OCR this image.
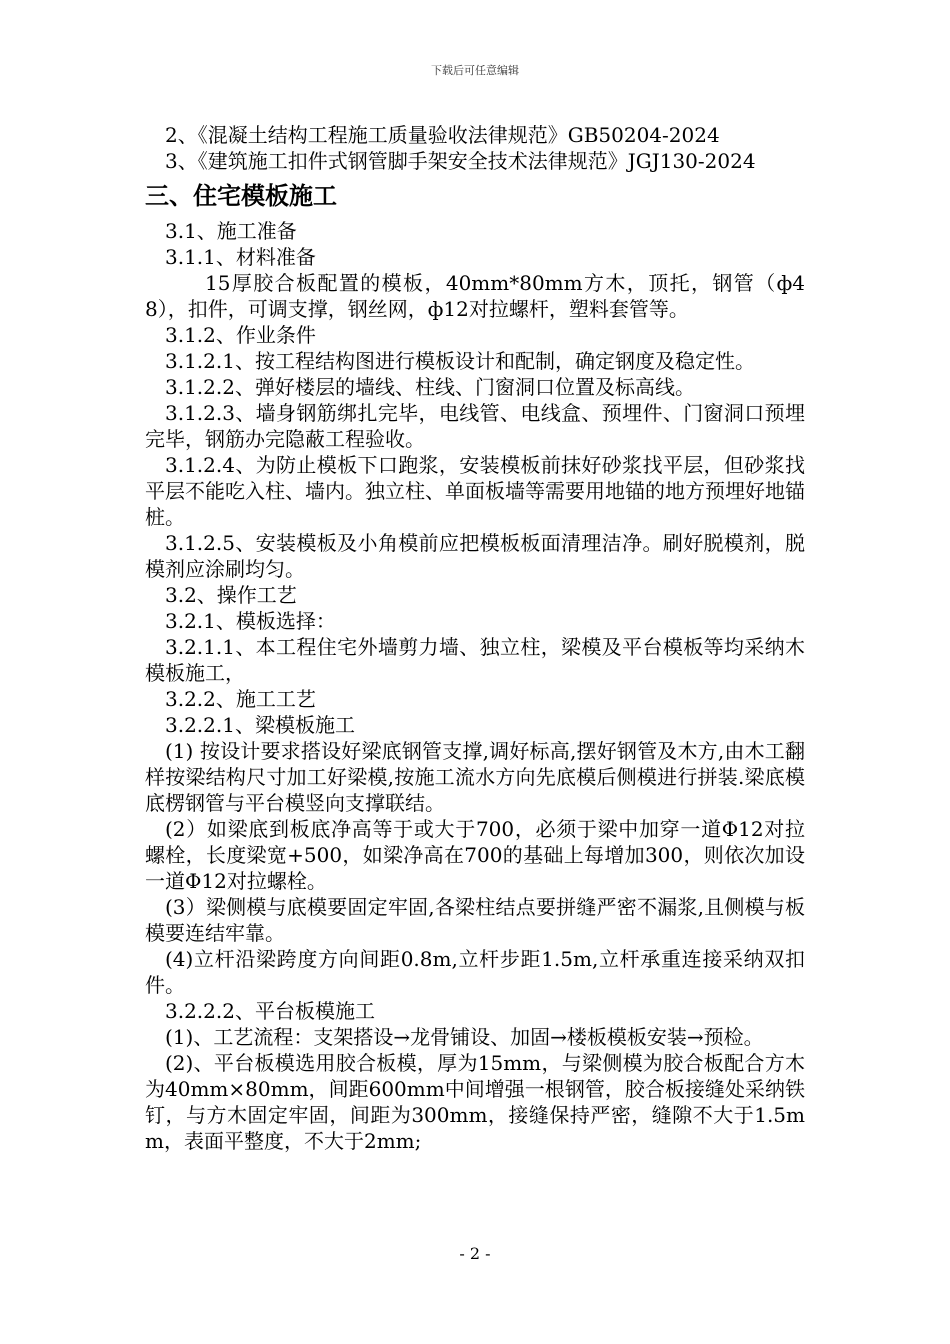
下载后可任意编辑

2、《混凝土结构工程施工质量验收法律规范》GB50204-2024

3、《建筑施工扣件式钢管脚手架安全技术法律规范》JGJ130-2024

三、住宅模板施工

3.1、施工准备

3.1.1、材料准备

15厚胶合板配置的模板，40mm*80mm方木，顶托，钢管（ф48），扣件，可调支撑，钢丝网，ф12对拉螺杆，塑料套管等。

3.1.2、作业条件

3.1.2.1、按工程结构图进行模板设计和配制，确定钢度及稳定性。

3.1.2.2、弹好楼层的墙线、柱线、门窗洞口位置及标高线。

3.1.2.3、墙身钢筋绑扎完毕，电线管、电线盒、预埋件、门窗洞口预埋完毕，钢筋办完隐蔽工程验收。

3.1.2.4、为防止模板下口跑浆，安装模板前抹好砂浆找平层，但砂浆找平层不能吃入柱、墙内。独立柱、单面板墙等需要用地锚的地方预埋好地锚桩。

3.1.2.5、安装模板及小角模前应把模板板面清理洁净。刷好脱模剂，脱模剂应涂刷均匀。

3.2、操作工艺

3.2.1、模板选择：

3.2.1.1、本工程住宅外墙剪力墙、独立柱，梁模及平台模板等均采纳木模板施工，

3.2.2、施工工艺

3.2.2.1、梁模板施工

(1) 按设计要求搭设好梁底钢管支撑,调好标高,摆好钢管及木方,由木工翻样按梁结构尺寸加工好梁模,按施工流水方向先底模后侧模进行拼装.梁底模底楞钢管与平台模竖向支撑联结。

(2）如梁底到板底净高等于或大于700，必须于梁中加穿一道Φ12对拉螺栓，长度梁宽+500，如梁净高在700的基础上每增加300，则依次加设一道Φ12对拉螺栓。

(3）梁侧模与底模要固定牢固,各梁柱结点要拼缝严密不漏浆,且侧模与板模要连结牢靠。

(4)立杆沿梁跨度方向间距0.8m,立杆步距1.5m,立杆承重连接采纳双扣件。

3.2.2.2、平台板模施工

(1)、工艺流程：支架搭设→龙骨铺设、加固→楼板模板安装→预检。

(2)、平台板模选用胶合板模，厚为15mm，与梁侧模为胶合板配合方木为40mm×80mm，间距600mm中间增强一根钢管，胶合板接缝处采纳铁钉，与方木固定牢固，间距为300mm，接缝保持严密，缝隙不大于1.5mm，表面平整度，不大于2mm;

- 2 -
